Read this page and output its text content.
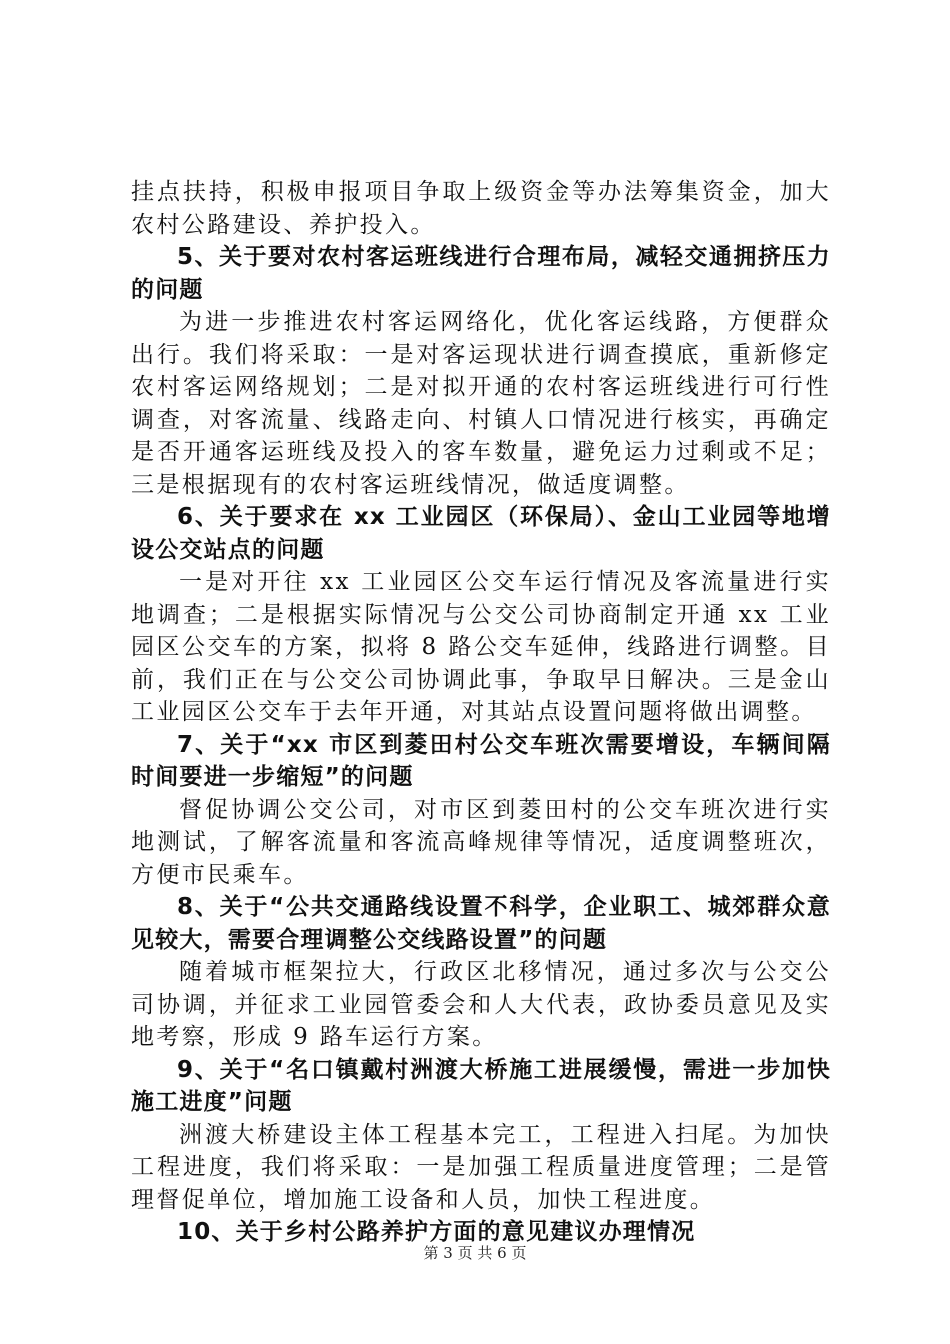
挂点扶持，积极申报项目争取上级资金等办法筹集资金，加大农村公路建设、养护投入。

5、关于要对农村客运班线进行合理布局，减轻交通拥挤压力的问题

为进一步推进农村客运网络化，优化客运线路，方便群众出行。我们将采取：一是对客运现状进行调查摸底，重新修定农村客运网络规划；二是对拟开通的农村客运班线进行可行性调查，对客流量、线路走向、村镇人口情况进行核实，再确定是否开通客运班线及投入的客车数量，避免运力过剩或不足；三是根据现有的农村客运班线情况，做适度调整。

6、关于要求在 xx 工业园区（环保局）、金山工业园等地增设公交站点的问题

一是对开往 xx 工业园区公交车运行情况及客流量进行实地调查；二是根据实际情况与公交公司协商制定开通 xx 工业园区公交车的方案，拟将 8 路公交车延伸，线路进行调整。目前，我们正在与公交公司协调此事，争取早日解决。三是金山工业园区公交车于去年开通，对其站点设置问题将做出调整。

7、关于“xx 市区到菱田村公交车班次需要增设，车辆间隔时间要进一步缩短”的问题

督促协调公交公司，对市区到菱田村的公交车班次进行实地测试，了解客流量和客流高峰规律等情况，适度调整班次，方便市民乘车。

8、关于“公共交通路线设置不科学，企业职工、城郊群众意见较大，需要合理调整公交线路设置”的问题

随着城市框架拉大，行政区北移情况，通过多次与公交公司协调，并征求工业园管委会和人大代表，政协委员意见及实地考察，形成 9 路车运行方案。

9、关于“名口镇戴村洲渡大桥施工进展缓慢，需进一步加快施工进度”问题

洲渡大桥建设主体工程基本完工，工程进入扫尾。为加快工程进度，我们将采取：一是加强工程质量进度管理；二是管理督促单位，增加施工设备和人员，加快工程进度。

10、关于乡村公路养护方面的意见建议办理情况

第 3 页 共 6 页
